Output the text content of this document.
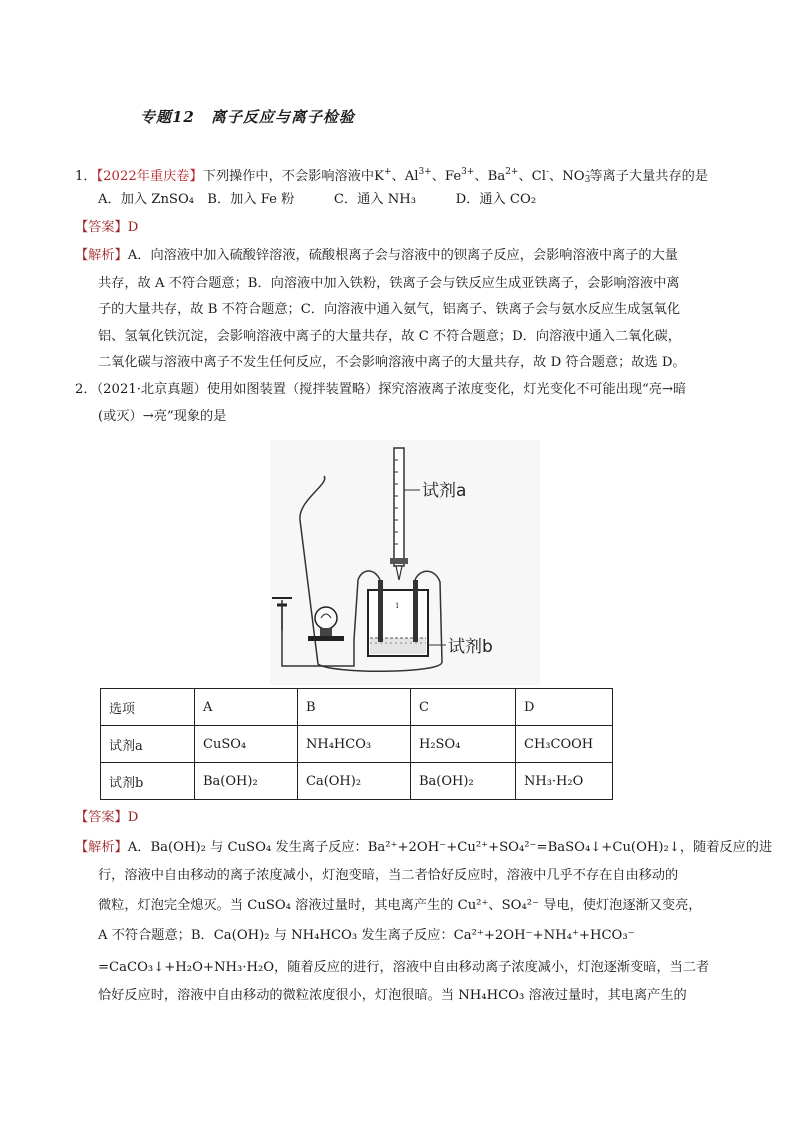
专题12　离子反应与离子检验
1．【2022年重庆卷】下列操作中，不会影响溶液中K+、$Al^{3+}$、$Fe^{3+}$、$Ba^{2+}$、Cl-、$NO_3^-$等离子大量共存的是
A．加入 ZnSO₄　B．加入 Fe 粉　　　C．通入 NH₃　　　D．通入 CO₂
【答案】D
【解析】A．向溶液中加入硫酸锌溶液，硫酸根离子会与溶液中的钡离子反应，会影响溶液中离子的大量
共存，故 A 不符合题意；B．向溶液中加入铁粉，铁离子会与铁反应生成亚铁离子，会影响溶液中离
子的大量共存，故 B 不符合题意；C．向溶液中通入氨气，铝离子、铁离子会与氨水反应生成氢氧化
铝、氢氧化铁沉淀，会影响溶液中离子的大量共存，故 C 不符合题意；D．向溶液中通入二氧化碳，
二氧化碳与溶液中离子不发生任何反应，不会影响溶液中离子的大量共存，故 D 符合题意；故选 D。
2．（2021·北京真题）使用如图装置（搅拌装置略）探究溶液离子浓度变化，灯光变化不可能出现“亮→暗
(或灭）→亮”现象的是
试剂a
1
试剂b
选项	A	B	C	D
试剂a	CuSO₄	NH₄HCO₃	H₂SO₄	CH₃COOH
试剂b	Ba(OH)₂	Ca(OH)₂	Ba(OH)₂	NH₃·H₂O
【答案】D
【解析】A．Ba(OH)₂ 与 CuSO₄ 发生离子反应：Ba²⁺+2OH⁻+Cu²⁺+SO₄²⁻=BaSO₄↓+Cu(OH)₂↓，随着反应的进
行，溶液中自由移动的离子浓度减小，灯泡变暗，当二者恰好反应时，溶液中几乎不存在自由移动的
微粒，灯泡完全熄灭。当 CuSO₄ 溶液过量时，其电离产生的 Cu²⁺、SO₄²⁻ 导电，使灯泡逐渐又变亮，
A 不符合题意；B．Ca(OH)₂ 与 NH₄HCO₃ 发生离子反应：Ca²⁺+2OH⁻+NH₄⁺+HCO₃⁻
=CaCO₃↓+H₂O+NH₃·H₂O，随着反应的进行，溶液中自由移动离子浓度减小，灯泡逐渐变暗，当二者
恰好反应时，溶液中自由移动的微粒浓度很小，灯泡很暗。当 NH₄HCO₃ 溶液过量时，其电离产生的
